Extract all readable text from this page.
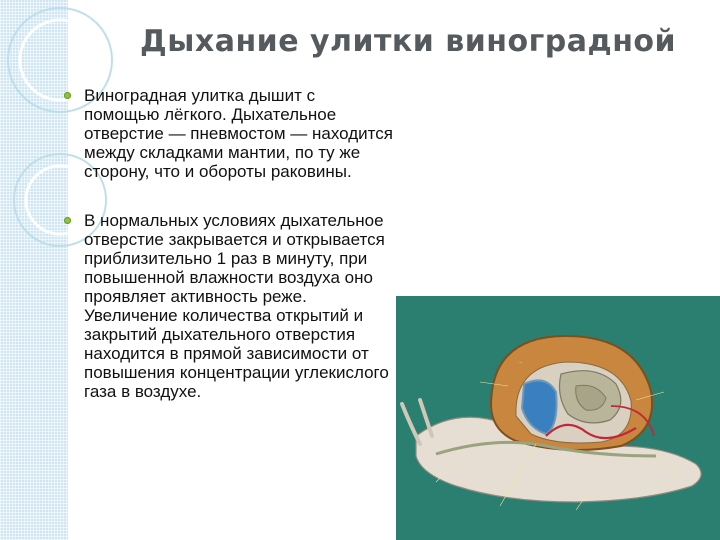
Дыхание улитки виноградной
Виноградная улитка дышит с помощью лёгкого. Дыхательное отверстие — пневмостом — находится между складками мантии, по ту же сторону, что и обороты раковины.
В нормальных условиях дыхательное отверстие закрывается и открывается приблизительно 1 раз в минуту, при повышенной влажности воздуха оно проявляет активность реже. Увеличение количества открытий и закрытий дыхательного отверстия находится в прямой зависимости от повышения концентрации углекислого газа в воздухе.
···
